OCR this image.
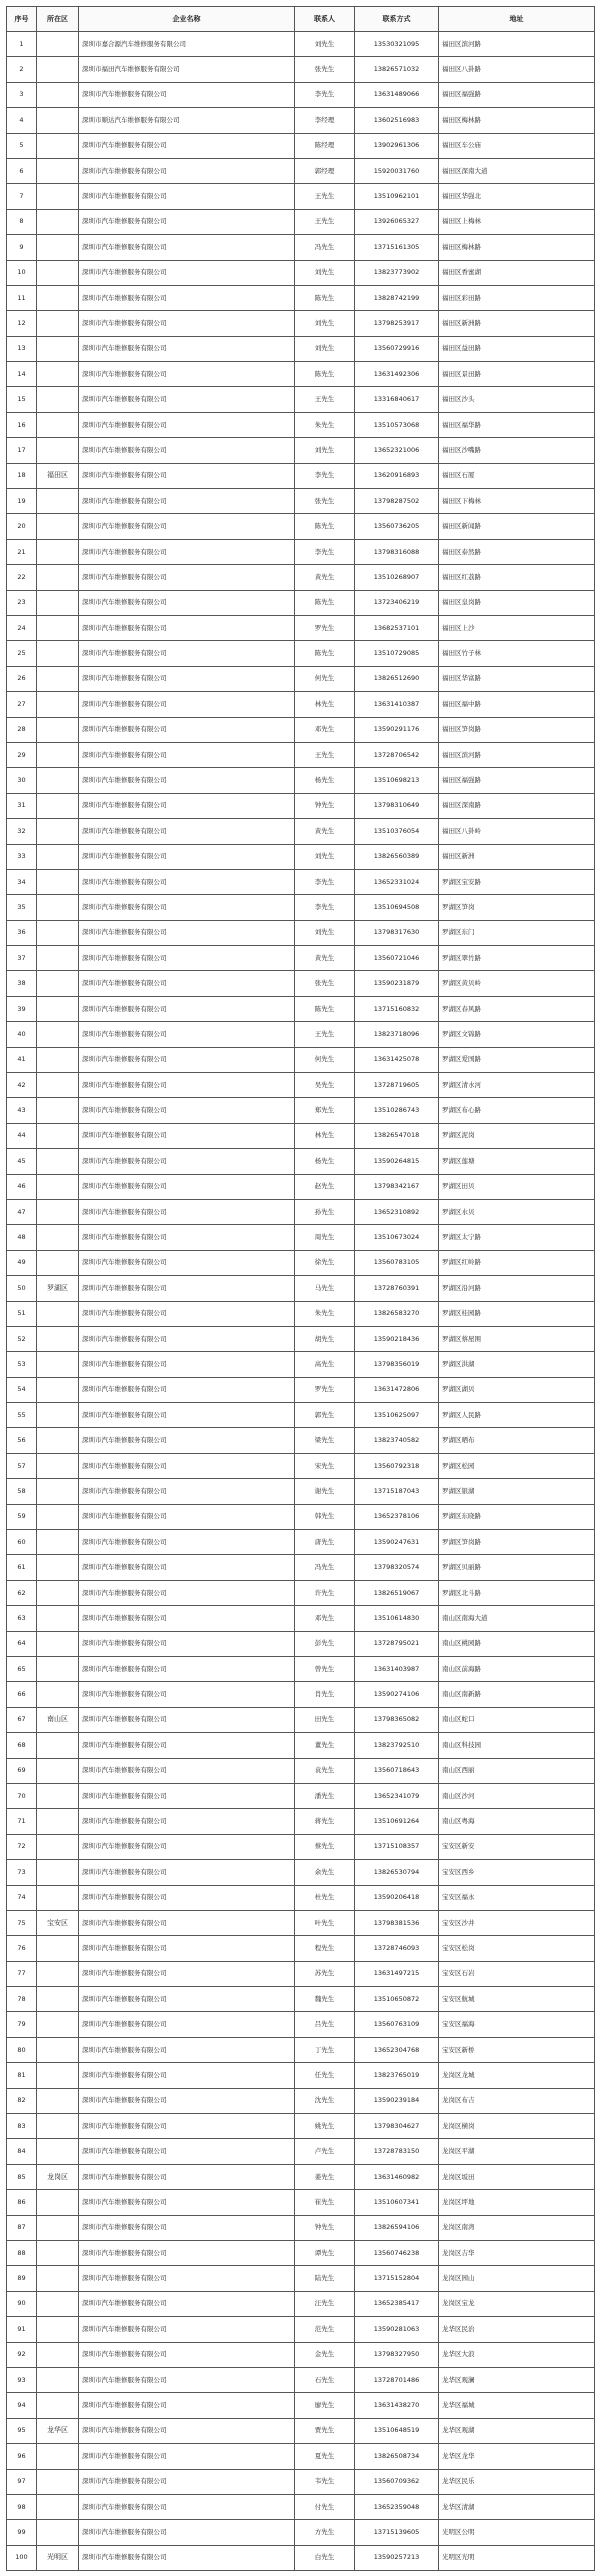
序号	所在区	企业名称	联系人	联系方式	地址
1		深圳市嘉合源汽车维修服务有限公司	刘先生	13530321095	福田区滨河路
2		深圳市福田汽车维修服务有限公司	张先生	13826571032	福田区八卦路
3		深圳市汽车维修服务有限公司	李先生	13631489066	福田区福强路
4		深圳市顺达汽车维修服务有限公司	李经理	13602516983	福田区梅林路
5		深圳市汽车维修服务有限公司	陈经理	13902961306	福田区车公庙
6		深圳市汽车维修服务有限公司	郭经理	15920031760	福田区深南大道
7		深圳市汽车维修服务有限公司	王先生	13510962101	福田区华强北
8		深圳市汽车维修服务有限公司	王先生	13926065327	福田区上梅林
9		深圳市汽车维修服务有限公司	冯先生	13715161305	福田区梅林路
10		深圳市汽车维修服务有限公司	刘先生	13823773902	福田区香蜜湖
11		深圳市汽车维修服务有限公司	陈先生	13828742199	福田区彩田路
12		深圳市汽车维修服务有限公司	刘先生	13798253917	福田区新洲路
13		深圳市汽车维修服务有限公司	刘先生	13560729916	福田区益田路
14		深圳市汽车维修服务有限公司	陈先生	13631492306	福田区景田路
15		深圳市汽车维修服务有限公司	王先生	13316840617	福田区沙头
16		深圳市汽车维修服务有限公司	朱先生	13510573068	福田区福华路
17		深圳市汽车维修服务有限公司	刘先生	13652321006	福田区沙嘴路
18	福田区	深圳市汽车维修服务有限公司	李先生	13620916893	福田区石厦
19		深圳市汽车维修服务有限公司	张先生	13798287502	福田区下梅林
20		深圳市汽车维修服务有限公司	陈先生	13560736205	福田区新闻路
21		深圳市汽车维修服务有限公司	李先生	13798316088	福田区泰然路
22		深圳市汽车维修服务有限公司	黄先生	13510268907	福田区红荔路
23		深圳市汽车维修服务有限公司	陈先生	13723406219	福田区皇岗路
24		深圳市汽车维修服务有限公司	罗先生	13682537101	福田区上沙
25		深圳市汽车维修服务有限公司	陈先生	13510729085	福田区竹子林
26		深圳市汽车维修服务有限公司	何先生	13826512690	福田区华富路
27		深圳市汽车维修服务有限公司	林先生	13631410387	福田区福中路
28		深圳市汽车维修服务有限公司	邓先生	13590291176	福田区笋岗路
29		深圳市汽车维修服务有限公司	王先生	13728706542	福田区滨河路
30		深圳市汽车维修服务有限公司	杨先生	13510698213	福田区福强路
31		深圳市汽车维修服务有限公司	钟先生	13798310649	福田区深南路
32		深圳市汽车维修服务有限公司	黄先生	13510376054	福田区八卦岭
33		深圳市汽车维修服务有限公司	刘先生	13826560389	福田区新洲
34		深圳市汽车维修服务有限公司	李先生	13652331024	罗湖区宝安路
35		深圳市汽车维修服务有限公司	李先生	13510694508	罗湖区笋岗
36		深圳市汽车维修服务有限公司	刘先生	13798317630	罗湖区东门
37		深圳市汽车维修服务有限公司	黄先生	13560721046	罗湖区翠竹路
38		深圳市汽车维修服务有限公司	张先生	13590231879	罗湖区黄贝岭
39		深圳市汽车维修服务有限公司	陈先生	13715160832	罗湖区春风路
40		深圳市汽车维修服务有限公司	王先生	13823718096	罗湖区文锦路
41		深圳市汽车维修服务有限公司	何先生	13631425078	罗湖区爱国路
42		深圳市汽车维修服务有限公司	吴先生	13728719605	罗湖区清水河
43		深圳市汽车维修服务有限公司	郑先生	13510286743	罗湖区布心路
44		深圳市汽车维修服务有限公司	林先生	13826547018	罗湖区泥岗
45		深圳市汽车维修服务有限公司	杨先生	13590264815	罗湖区莲塘
46		深圳市汽车维修服务有限公司	赵先生	13798342167	罗湖区田贝
47		深圳市汽车维修服务有限公司	孙先生	13652310892	罗湖区水贝
48		深圳市汽车维修服务有限公司	周先生	13510673024	罗湖区太宁路
49		深圳市汽车维修服务有限公司	徐先生	13560783105	罗湖区红岭路
50	罗湖区	深圳市汽车维修服务有限公司	马先生	13728760391	罗湖区沿河路
51		深圳市汽车维修服务有限公司	朱先生	13826583270	罗湖区桂园路
52		深圳市汽车维修服务有限公司	胡先生	13590218436	罗湖区蔡屋围
53		深圳市汽车维修服务有限公司	高先生	13798356019	罗湖区洪湖
54		深圳市汽车维修服务有限公司	罗先生	13631472806	罗湖区湖贝
55		深圳市汽车维修服务有限公司	郭先生	13510625097	罗湖区人民路
56		深圳市汽车维修服务有限公司	梁先生	13823740582	罗湖区晒布
57		深圳市汽车维修服务有限公司	宋先生	13560792318	罗湖区松园
58		深圳市汽车维修服务有限公司	谢先生	13715187043	罗湖区银湖
59		深圳市汽车维修服务有限公司	韩先生	13652378106	罗湖区东晓路
60		深圳市汽车维修服务有限公司	唐先生	13590247631	罗湖区笋岗路
61		深圳市汽车维修服务有限公司	冯先生	13798320574	罗湖区贝丽路
62		深圳市汽车维修服务有限公司	许先生	13826519067	罗湖区北斗路
63		深圳市汽车维修服务有限公司	邓先生	13510614830	南山区南海大道
64		深圳市汽车维修服务有限公司	彭先生	13728795021	南山区桃园路
65		深圳市汽车维修服务有限公司	曾先生	13631403987	南山区前海路
66		深圳市汽车维修服务有限公司	肖先生	13590274106	南山区南新路
67	南山区	深圳市汽车维修服务有限公司	田先生	13798365082	南山区蛇口
68		深圳市汽车维修服务有限公司	董先生	13823792510	南山区科技园
69		深圳市汽车维修服务有限公司	袁先生	13560718643	南山区西丽
70		深圳市汽车维修服务有限公司	潘先生	13652341079	南山区沙河
71		深圳市汽车维修服务有限公司	蒋先生	13510691264	南山区粤海
72		深圳市汽车维修服务有限公司	蔡先生	13715108357	宝安区新安
73		深圳市汽车维修服务有限公司	余先生	13826530794	宝安区西乡
74		深圳市汽车维修服务有限公司	杜先生	13590206418	宝安区福永
75	宝安区	深圳市汽车维修服务有限公司	叶先生	13798381536	宝安区沙井
76		深圳市汽车维修服务有限公司	程先生	13728746093	宝安区松岗
77		深圳市汽车维修服务有限公司	苏先生	13631497215	宝安区石岩
78		深圳市汽车维修服务有限公司	魏先生	13510650872	宝安区航城
79		深圳市汽车维修服务有限公司	吕先生	13560763109	宝安区福海
80		深圳市汽车维修服务有限公司	丁先生	13652304768	宝安区新桥
81		深圳市汽车维修服务有限公司	任先生	13823765019	龙岗区龙城
82		深圳市汽车维修服务有限公司	沈先生	13590239184	龙岗区布吉
83		深圳市汽车维修服务有限公司	姚先生	13798304627	龙岗区横岗
84		深圳市汽车维修服务有限公司	卢先生	13728783150	龙岗区平湖
85	龙岗区	深圳市汽车维修服务有限公司	姜先生	13631460982	龙岗区坂田
86		深圳市汽车维修服务有限公司	崔先生	13510607341	龙岗区坪地
87		深圳市汽车维修服务有限公司	钟先生	13826594106	龙岗区南湾
88		深圳市汽车维修服务有限公司	谭先生	13560746238	龙岗区吉华
89		深圳市汽车维修服务有限公司	陆先生	13715152804	龙岗区园山
90		深圳市汽车维修服务有限公司	汪先生	13652385417	龙岗区宝龙
91		深圳市汽车维修服务有限公司	范先生	13590281063	龙华区民治
92		深圳市汽车维修服务有限公司	金先生	13798327950	龙华区大浪
93		深圳市汽车维修服务有限公司	石先生	13728701486	龙华区观澜
94		深圳市汽车维修服务有限公司	廖先生	13631438270	龙华区福城
95	龙华区	深圳市汽车维修服务有限公司	贾先生	13510648519	龙华区观湖
96		深圳市汽车维修服务有限公司	夏先生	13826508734	龙华区龙华
97		深圳市汽车维修服务有限公司	韦先生	13560709362	龙华区民乐
98		深圳市汽车维修服务有限公司	付先生	13652359048	龙华区清湖
99		深圳市汽车维修服务有限公司	方先生	13715139605	光明区公明
100	光明区	深圳市汽车维修服务有限公司	白先生	13590257213	光明区光明
